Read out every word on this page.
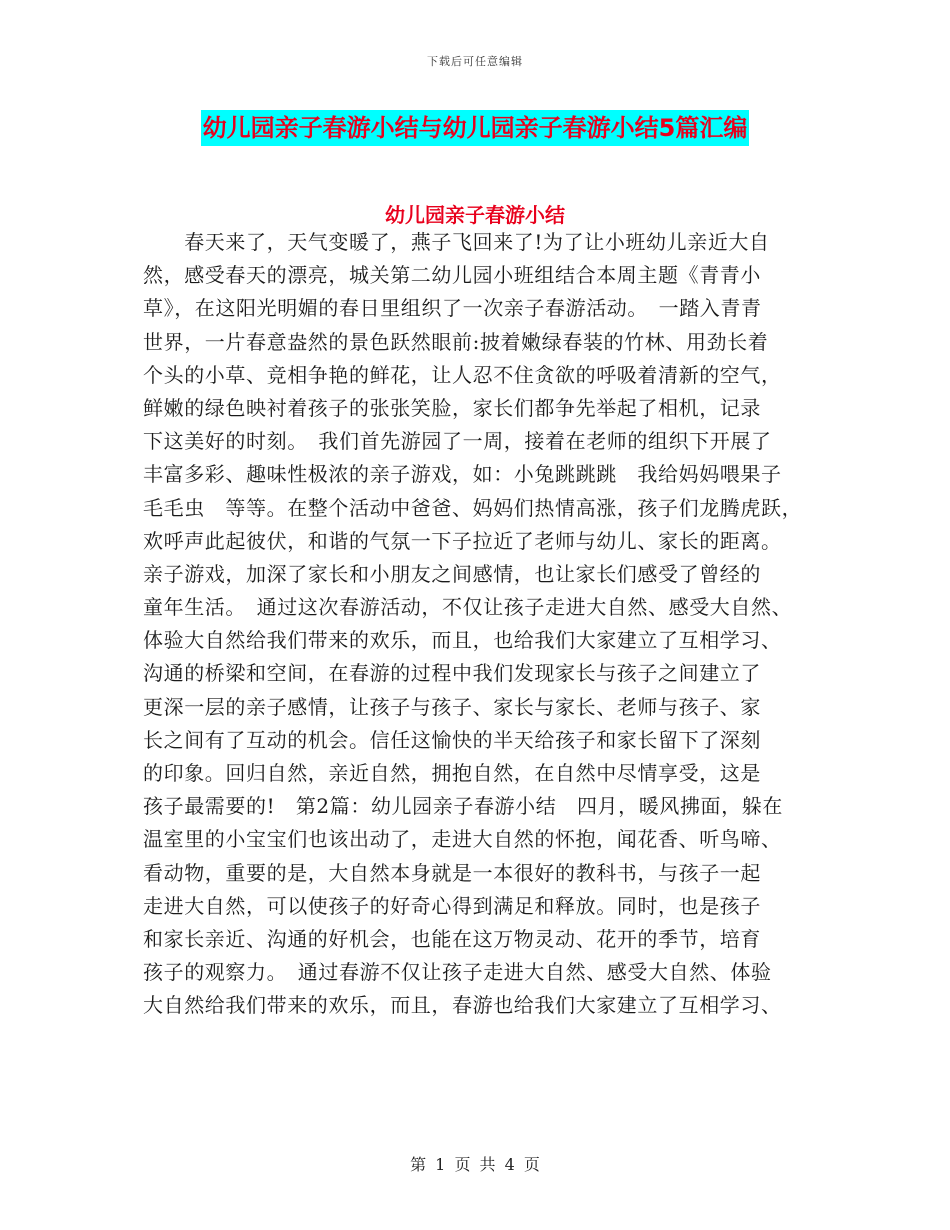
下载后可任意编辑
幼儿园亲子春游小结与幼儿园亲子春游小结5篇汇编
幼儿园亲子春游小结
　　春天来了，天气变暖了，燕子飞回来了!为了让小班幼儿亲近大自
然，感受春天的漂亮，城关第二幼儿园小班组结合本周主题《青青小
草》，在这阳光明媚的春日里组织了一次亲子春游活动。　一踏入青青
世界，一片春意盎然的景色跃然眼前:披着嫩绿春装的竹林、用劲长着
个头的小草、竞相争艳的鲜花，让人忍不住贪欲的呼吸着清新的空气，
鲜嫩的绿色映衬着孩子的张张笑脸，家长们都争先举起了相机，记录
下这美好的时刻。　我们首先游园了一周，接着在老师的组织下开展了
丰富多彩、趣味性极浓的亲子游戏，如：小兔跳跳跳　我给妈妈喂果子
毛毛虫　等等。在整个活动中爸爸、妈妈们热情高涨，孩子们龙腾虎跃，
欢呼声此起彼伏，和谐的气氛一下子拉近了老师与幼儿、家长的距离。
亲子游戏，加深了家长和小朋友之间感情，也让家长们感受了曾经的
童年生活。　通过这次春游活动，不仅让孩子走进大自然、感受大自然、
体验大自然给我们带来的欢乐，而且，也给我们大家建立了互相学习、
沟通的桥梁和空间，在春游的过程中我们发现家长与孩子之间建立了
更深一层的亲子感情，让孩子与孩子、家长与家长、老师与孩子、家
长之间有了互动的机会。信任这愉快的半天给孩子和家长留下了深刻
的印象。回归自然，亲近自然，拥抱自然，在自然中尽情享受，这是
孩子最需要的!　第2篇：幼儿园亲子春游小结　四月，暖风拂面，躲在
温室里的小宝宝们也该出动了，走进大自然的怀抱，闻花香、听鸟啼、
看动物，重要的是，大自然本身就是一本很好的教科书，与孩子一起
走进大自然，可以使孩子的好奇心得到满足和释放。同时，也是孩子
和家长亲近、沟通的好机会，也能在这万物灵动、花开的季节，培育
孩子的观察力。　通过春游不仅让孩子走进大自然、感受大自然、体验
大自然给我们带来的欢乐，而且，春游也给我们大家建立了互相学习、
第 1 页 共 4 页
